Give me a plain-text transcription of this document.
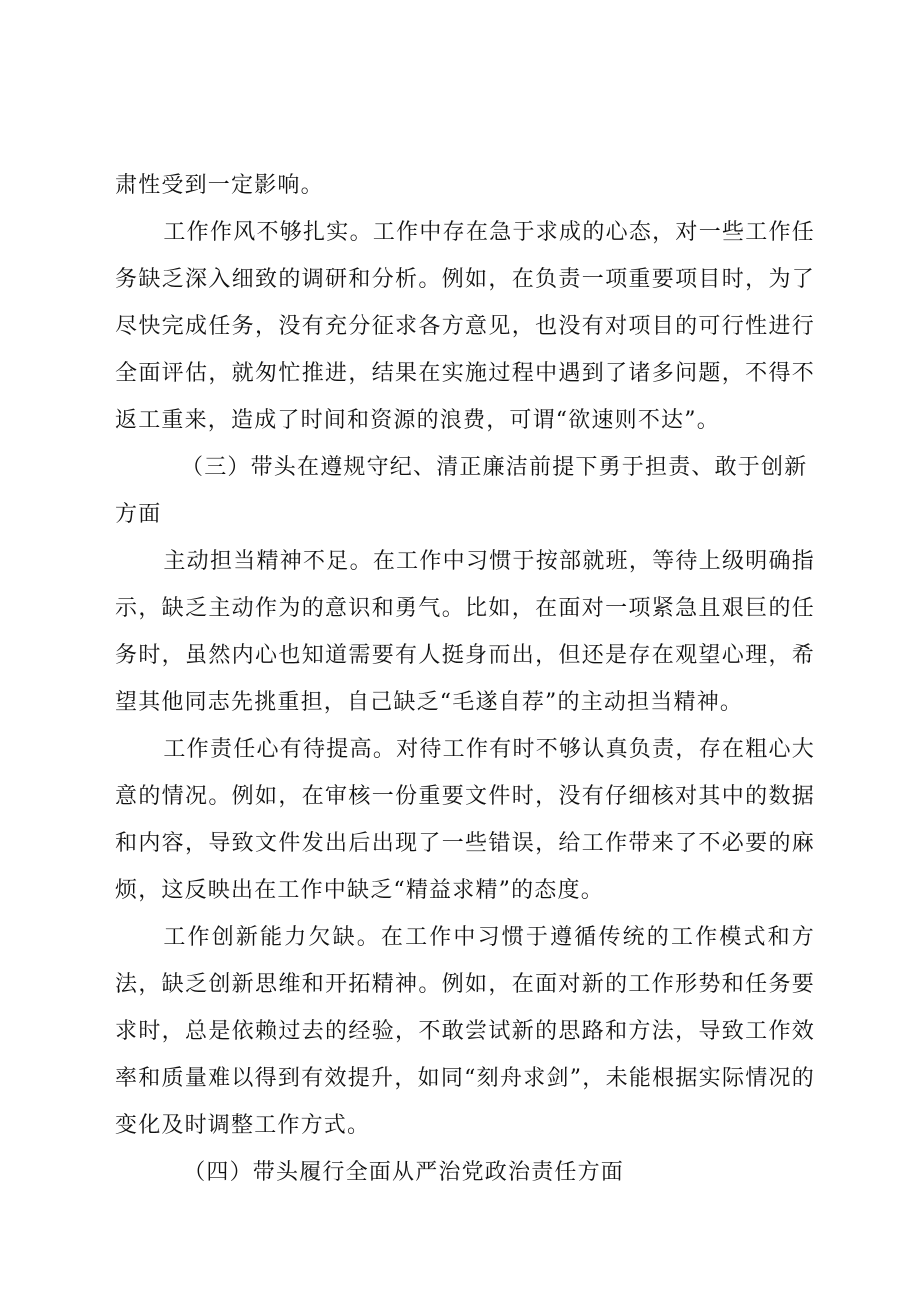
肃性受到一定影响。

工作作风不够扎实。工作中存在急于求成的心态，对一些工作任务缺乏深入细致的调研和分析。例如，在负责一项重要项目时，为了尽快完成任务，没有充分征求各方意见，也没有对项目的可行性进行全面评估，就匆忙推进，结果在实施过程中遇到了诸多问题，不得不返工重来，造成了时间和资源的浪费，可谓“欲速则不达”。

（三）带头在遵规守纪、清正廉洁前提下勇于担责、敢于创新方面

主动担当精神不足。在工作中习惯于按部就班，等待上级明确指示，缺乏主动作为的意识和勇气。比如，在面对一项紧急且艰巨的任务时，虽然内心也知道需要有人挺身而出，但还是存在观望心理，希望其他同志先挑重担，自己缺乏“毛遂自荐”的主动担当精神。

工作责任心有待提高。对待工作有时不够认真负责，存在粗心大意的情况。例如，在审核一份重要文件时，没有仔细核对其中的数据和内容，导致文件发出后出现了一些错误，给工作带来了不必要的麻烦，这反映出在工作中缺乏“精益求精”的态度。

工作创新能力欠缺。在工作中习惯于遵循传统的工作模式和方法，缺乏创新思维和开拓精神。例如，在面对新的工作形势和任务要求时，总是依赖过去的经验，不敢尝试新的思路和方法，导致工作效率和质量难以得到有效提升，如同“刻舟求剑”，未能根据实际情况的变化及时调整工作方式。

（四）带头履行全面从严治党政治责任方面
